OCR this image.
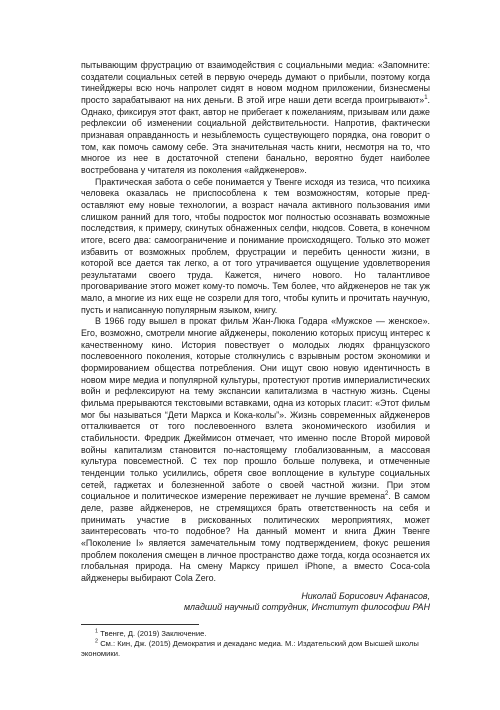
пытывающим фрустрацию от взаимодействия с социальными медиа: «Запомните: создатели социальных сетей в первую очередь думают о прибыли, поэтому когда тинейджеры всю ночь напролет сидят в новом модном приложении, бизнесмены просто зарабатывают на них деньги. В этой игре наши дети всегда проигрывают»$^1$. Однако, фиксируя этот факт, автор не прибегает к пожеланиям, призывам или даже рефлексии об изменении социальной действительности. Напротив, фактически признавая оправданность и незыблемость существующего порядка, она говорит о том, как помочь самому себе. Эта значительная часть книги, несмотря на то, что многое из нее в достаточной степени банально, вероятно будет наиболее востребована у читателя из поколения «айдженеров».

Практическая забота о себе понимается у Твенге исходя из тезиса, что психика человека оказалась не приспособлена к тем возможностям, которые предоставляют ему новые технологии, а возраст начала активного пользования ими слишком ранний для того, чтобы подросток мог полностью осознавать возможные последствия, к примеру, скинутых обнаженных селфи, нюдсов. Совета, в конечном итоге, всего два: самоограничение и понимание происходящего. Только это может избавить от возможных проблем, фрустрации и перебить ценности жизни, в которой все дается так легко, а от того утрачивается ощущение удовлетворения результатами своего труда. Кажется, ничего нового. Но талантливое проговаривание этого может кому-то помочь. Тем более, что айдженеров не так уж мало, а многие из них еще не созрели для того, чтобы купить и прочитать научную, пусть и написанную популярным языком, книгу.

В 1966 году вышел в прокат фильм Жан-Люка Годара «Мужское — женское». Его, возможно, смотрели многие айдженеры, поколению которых присущ интерес к качественному кино. История повествует о молодых людях французского послевоенного поколения, которые столкнулись с взрывным ростом экономики и формированием общества потребления. Они ищут свою новую идентичность в новом мире медиа и популярной культуры, протестуют против империалистических войн и рефлексируют на тему экспансии капитализма в частную жизнь. Сцены фильма прерываются текстовыми вставками, одна из которых гласит: «Этот фильм мог бы называться “Дети Маркса и Кока-колы”». Жизнь современных айдженеров отталкивается от того послевоенного взлета экономического изобилия и стабильности. Фредрик Джеймисон отмечает, что именно после Второй мировой войны капитализм становится по-настоящему глобализованным, а массовая культура повсеместной. С тех пор прошло больше полувека, и отмеченные тенденции только усилились, обретя свое воплощение в культуре социальных сетей, гаджетах и болезненной заботе о своей частной жизни. При этом социальное и политическое измерение переживает не лучшие времена$^2$. В самом деле, разве айдженеров, не стремящихся брать ответственность на себя и принимать участие в рискованных политических мероприятиях, может заинтересовать что-то подобное? На данный момент и книга Джин Твенге «Поколение I» является замечательным тому подтверждением, фокус решения проблем поколения смещен в личное пространство даже тогда, когда осознается их глобальная природа. На смену Марксу пришел iPhone, а вместо Coca-cola айдженеры выбирают Cola Zero.

Николай Борисович Афанасов,
младший научный сотрудник, Институт философии РАН

$^1$ Твенге, Д. (2019) Заключение.

$^2$ См.: Кин, Дж. (2015) Демократия и декаданс медиа. М.: Издательский дом Высшей школы экономики.
